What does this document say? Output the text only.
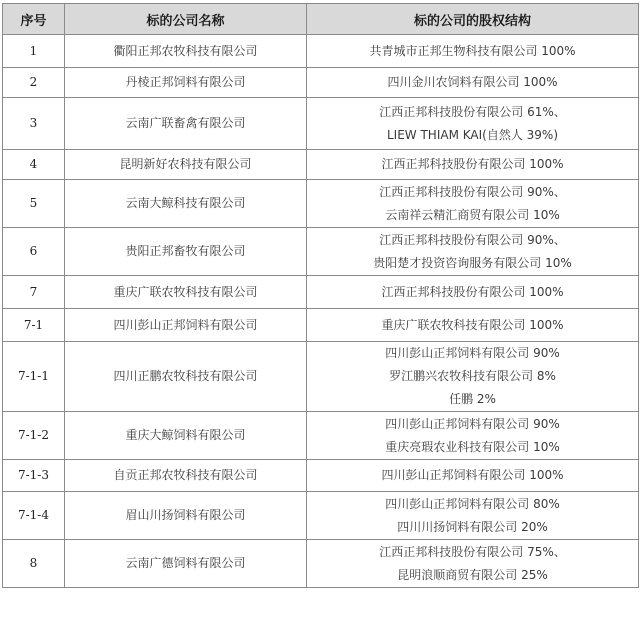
序号	标的公司名称	标的公司的股权结构
1	衢阳正邦农牧科技有限公司	共青城市正邦生物科技有限公司 100%

2	丹棱正邦饲料有限公司	四川金川农饲料有限公司 100%

3	云南广联畜禽有限公司	江西正邦科技股份有限公司 61%、
LIEW THIAM KAI(自然人 39%)

4	昆明新好农科技有限公司	江西正邦科技股份有限公司 100%

5	云南大鲸科技有限公司	江西正邦科技股份有限公司 90%、
云南祥云精汇商贸有限公司 10%

6	贵阳正邦畜牧有限公司	江西正邦科技股份有限公司 90%、
贵阳楚才投资咨询服务有限公司 10%

7	重庆广联农牧科技有限公司	江西正邦科技股份有限公司 100%

7-1	四川彭山正邦饲料有限公司	重庆广联农牧科技有限公司 100%

7-1-1	四川正鹏农牧科技有限公司	四川彭山正邦饲料有限公司 90%
罗江鹏兴农牧科技有限公司 8%
任鹏 2%

7-1-2	重庆大鲸饲料有限公司	四川彭山正邦饲料有限公司 90%
重庆亮瑕农业科技有限公司 10%

7-1-3	自贡正邦农牧科技有限公司	四川彭山正邦饲料有限公司 100%

7-1-4	眉山川扬饲料有限公司	四川彭山正邦饲料有限公司 80%
四川川扬饲料有限公司 20%

8	云南广德饲料有限公司	江西正邦科技股份有限公司 75%、
昆明浪顺商贸有限公司 25%
